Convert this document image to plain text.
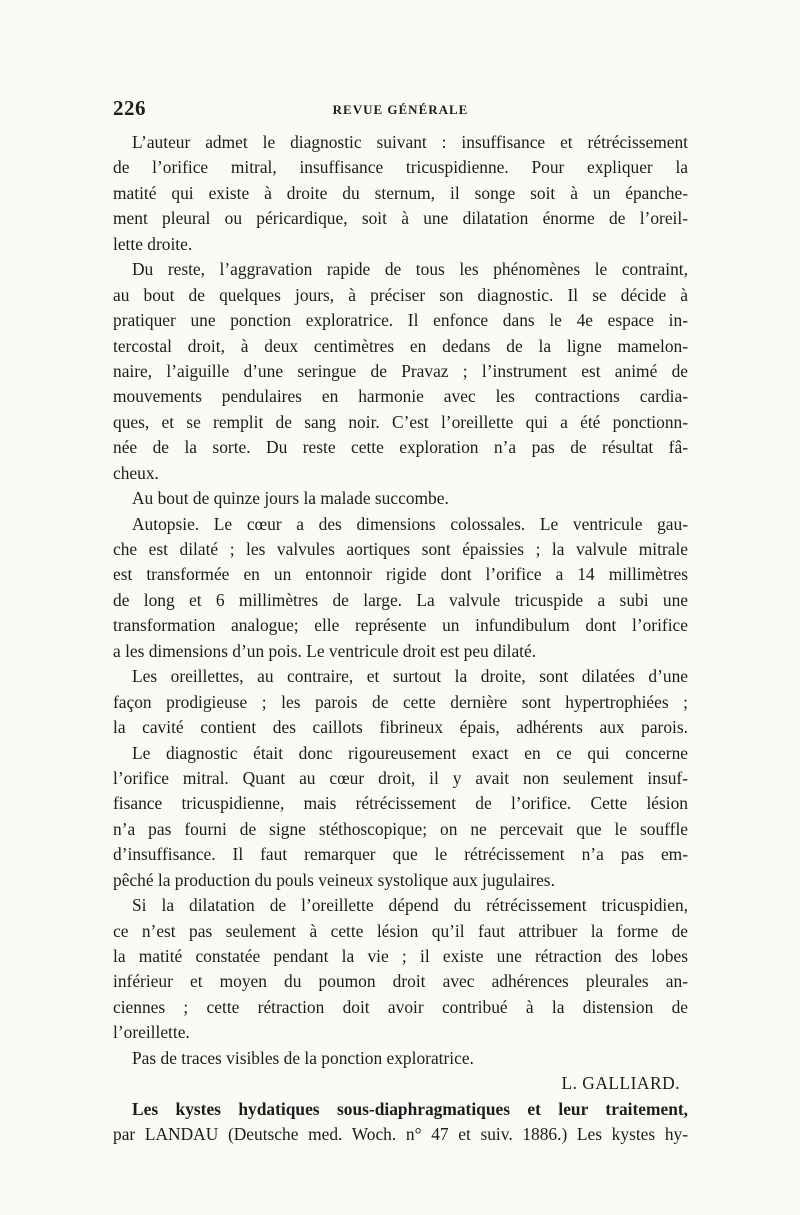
226	REVUE GÉNÉRALE
L’auteur admet le diagnostic suivant : insuffisance et rétrécissement
de l’orifice mitral, insuffisance tricuspidienne. Pour expliquer la
matité qui existe à droite du sternum, il songe soit à un épanche-
ment pleural ou péricardique, soit à une dilatation énorme de l’oreil-
lette droite.
Du reste, l’aggravation rapide de tous les phénomènes le contraint,
au bout de quelques jours, à préciser son diagnostic. Il se décide à
pratiquer une ponction exploratrice. Il enfonce dans le 4e espace in-
tercostal droit, à deux centimètres en dedans de la ligne mamelon-
naire, l’aiguille d’une seringue de Pravaz ; l’instrument est animé de
mouvements pendulaires en harmonie avec les contractions cardia-
ques, et se remplit de sang noir. C’est l’oreillette qui a été ponctionn-
née de la sorte. Du reste cette exploration n’a pas de résultat fâ-
cheux.
Au bout de quinze jours la malade succombe.
Autopsie. Le cœur a des dimensions colossales. Le ventricule gau-
che est dilaté ; les valvules aortiques sont épaissies ; la valvule mitrale
est transformée en un entonnoir rigide dont l’orifice a 14 millimètres
de long et 6 millimètres de large. La valvule tricuspide a subi une
transformation analogue; elle représente un infundibulum dont l’orifice
a les dimensions d’un pois. Le ventricule droit est peu dilaté.
Les oreillettes, au contraire, et surtout la droite, sont dilatées d’une
façon prodigieuse ; les parois de cette dernière sont hypertrophiées ;
la cavité contient des caillots fibrineux épais, adhérents aux parois.
Le diagnostic était donc rigoureusement exact en ce qui concerne
l’orifice mitral. Quant au cœur droit, il y avait non seulement insuf-
fisance tricuspidienne, mais rétrécissement de l’orifice. Cette lésion
n’a pas fourni de signe stéthoscopique; on ne percevait que le souffle
d’insuffisance. Il faut remarquer que le rétrécissement n’a pas em-
pêché la production du pouls veineux systolique aux jugulaires.
Si la dilatation de l’oreillette dépend du rétrécissement tricuspidien,
ce n’est pas seulement à cette lésion qu’il faut attribuer la forme de
la matité constatée pendant la vie ; il existe une rétraction des lobes
inférieur et moyen du poumon droit avec adhérences pleurales an-
ciennes ; cette rétraction doit avoir contribué à la distension de
l’oreillette.
Pas de traces visibles de la ponction exploratrice.
L. GALLIARD.
Les kystes hydatiques sous-diaphragmatiques et leur traitement,
par LANDAU (Deutsche med. Woch. n° 47 et suiv. 1886.) Les kystes hy-
